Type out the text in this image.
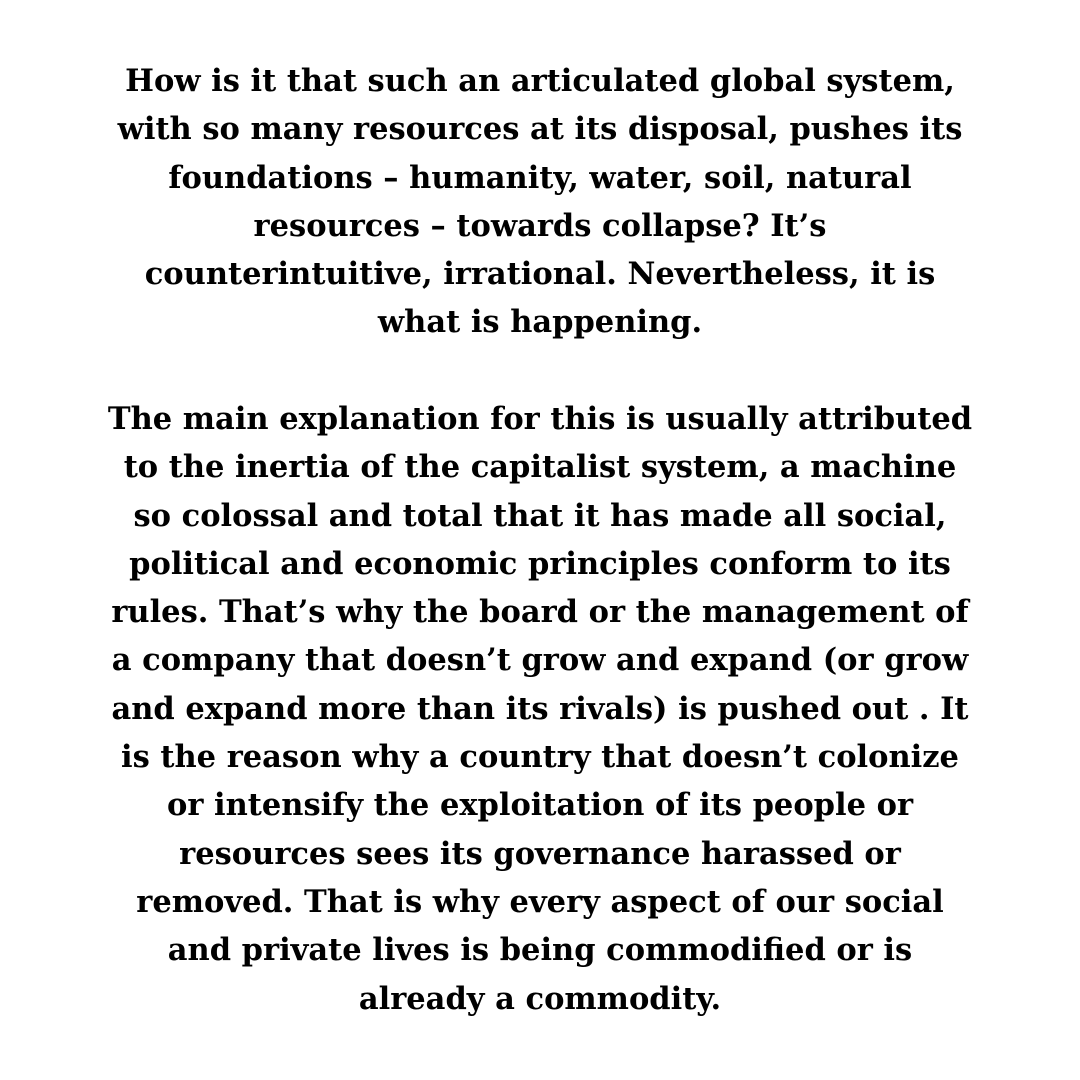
How is it that such an articulated global system,
with so many resources at its disposal, pushes its
foundations – humanity, water, soil, natural
resources – towards collapse? It’s
counterintuitive, irrational. Nevertheless, it is
what is happening.
The main explanation for this is usually attributed
to the inertia of the capitalist system, a machine
so colossal and total that it has made all social,
political and economic principles conform to its
rules. That’s why the board or the management of
a company that doesn’t grow and expand (or grow
and expand more than its rivals) is pushed out . It
is the reason why a country that doesn’t colonize
or intensify the exploitation of its people or
resources sees its governance harassed or
removed. That is why every aspect of our social
and private lives is being commodified or is
already a commodity.
